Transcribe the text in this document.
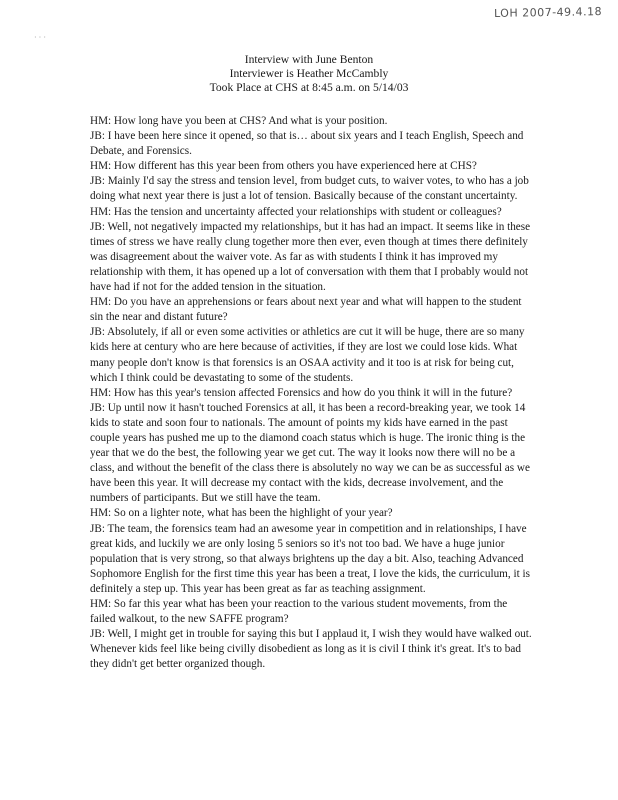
LOH 2007-49.4.18
· · ·
Interview with June Benton
Interviewer is Heather McCambly
Took Place at CHS at 8:45 a.m. on 5/14/03

HM: How long have you been at CHS? And what is your position.

JB: I have been here since it opened, so that is… about six years and I teach English, Speech and Debate, and Forensics.

HM: How different has this year been from others you have experienced here at CHS?

JB: Mainly I'd say the stress and tension level, from budget cuts, to waiver votes, to who has a job doing what next year there is just a lot of tension. Basically because of the constant uncertainty.

HM: Has the tension and uncertainty affected your relationships with student or colleagues?

JB: Well, not negatively impacted my relationships, but it has had an impact. It seems like in these times of stress we have really clung together more then ever, even though at times there definitely was disagreement about the waiver vote. As far as with students I think it has improved my relationship with them, it has opened up a lot of conversation with them that I probably would not have had if not for the added tension in the situation.

HM: Do you have an apprehensions or fears about next year and what will happen to the student sin the near and distant future?

JB: Absolutely, if all or even some activities or athletics are cut it will be huge, there are so many kids here at century who are here because of activities, if they are lost we could lose kids. What many people don't know is that forensics is an OSAA activity and it too is at risk for being cut, which I think could be devastating to some of the students.

HM: How has this year's tension affected Forensics and how do you think it will in the future?

JB: Up until now it hasn't touched Forensics at all, it has been a record-breaking year, we took 14 kids to state and soon four to nationals. The amount of points my kids have earned in the past couple years has pushed me up to the diamond coach status which is huge. The ironic thing is the year that we do the best, the following year we get cut. The way it looks now there will no be a class, and without the benefit of the class there is absolutely no way we can be as successful as we have been this year. It will decrease my contact with the kids, decrease involvement, and the numbers of participants. But we still have the team.

HM: So on a lighter note, what has been the highlight of your year?

JB: The team, the forensics team had an awesome year in competition and in relationships, I have great kids, and luckily we are only losing 5 seniors so it's not too bad. We have a huge junior population that is very strong, so that always brightens up the day a bit. Also, teaching Advanced Sophomore English for the first time this year has been a treat, I love the kids, the curriculum, it is definitely a step up. This year has been great as far as teaching assignment.

HM: So far this year what has been your reaction to the various student movements, from the failed walkout, to the new SAFFE program?

JB: Well, I might get in trouble for saying this but I applaud it, I wish they would have walked out. Whenever kids feel like being civilly disobedient as long as it is civil I think it's great. It's to bad they didn't get better organized though.
